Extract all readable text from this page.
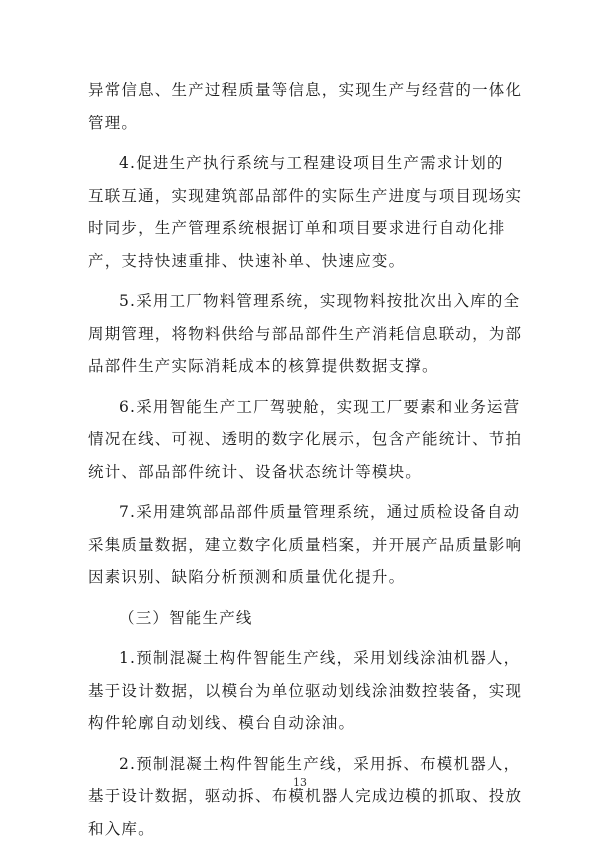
异常信息、生产过程质量等信息，实现生产与经营的一体化
管理。

4.促进生产执行系统与工程建设项目生产需求计划的
互联互通，实现建筑部品部件的实际生产进度与项目现场实
时同步，生产管理系统根据订单和项目要求进行自动化排
产，支持快速重排、快速补单、快速应变。

5.采用工厂物料管理系统，实现物料按批次出入库的全
周期管理，将物料供给与部品部件生产消耗信息联动，为部
品部件生产实际消耗成本的核算提供数据支撑。

6.采用智能生产工厂驾驶舱，实现工厂要素和业务运营
情况在线、可视、透明的数字化展示，包含产能统计、节拍
统计、部品部件统计、设备状态统计等模块。

7.采用建筑部品部件质量管理系统，通过质检设备自动
采集质量数据，建立数字化质量档案，并开展产品质量影响
因素识别、缺陷分析预测和质量优化提升。

（三）智能生产线

1.预制混凝土构件智能生产线，采用划线涂油机器人，
基于设计数据，以模台为单位驱动划线涂油数控装备，实现
构件轮廓自动划线、模台自动涂油。

2.预制混凝土构件智能生产线，采用拆、布模机器人，
基于设计数据，驱动拆、布模机器人完成边模的抓取、投放
和入库。

13
